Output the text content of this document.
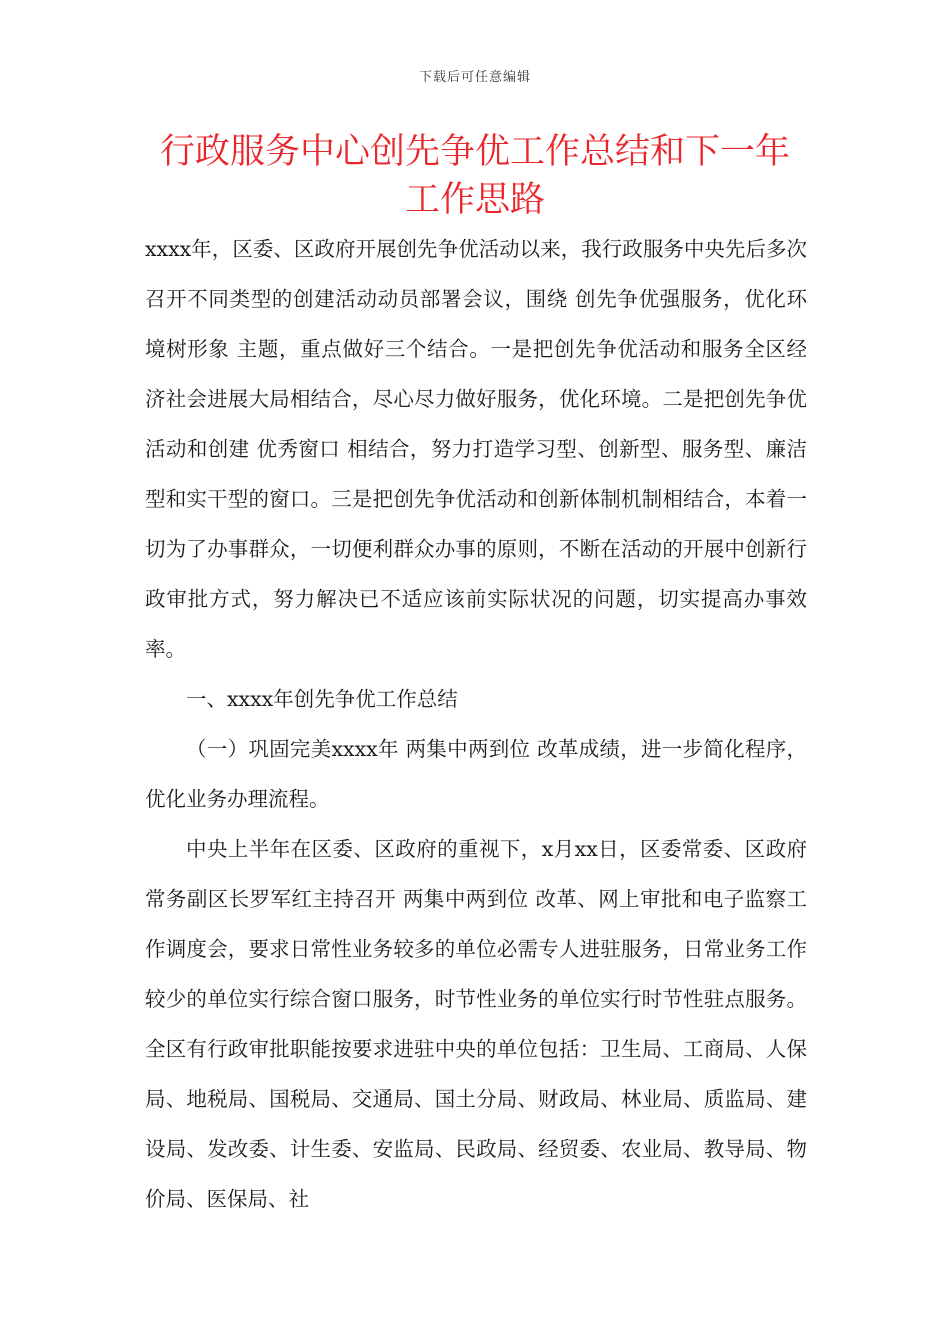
下载后可任意编辑
行政服务中心创先争优工作总结和下一年工作思路

xxxx年，区委、区政府开展创先争优活动以来，我行政服务中央先后多次召开不同类型的创建活动动员部署会议，围绕 创先争优强服务，优化环境树形象 主题，重点做好三个结合。一是把创先争优活动和服务全区经济社会进展大局相结合，尽心尽力做好服务，优化环境。二是把创先争优活动和创建 优秀窗口 相结合，努力打造学习型、创新型、服务型、廉洁型和实干型的窗口。三是把创先争优活动和创新体制机制相结合，本着一切为了办事群众，一切便利群众办事的原则，不断在活动的开展中创新行政审批方式，努力解决已不适应该前实际状况的问题，切实提高办事效率。

一、xxxx年创先争优工作总结

（一）巩固完美xxxx年 两集中两到位 改革成绩，进一步简化程序，优化业务办理流程。

中央上半年在区委、区政府的重视下，x月xx日，区委常委、区政府常务副区长罗军红主持召开 两集中两到位 改革、网上审批和电子监察工作调度会，要求日常性业务较多的单位必需专人进驻服务，日常业务工作较少的单位实行综合窗口服务，时节性业务的单位实行时节性驻点服务。全区有行政审批职能按要求进驻中央的单位包括：卫生局、工商局、人保局、地税局、国税局、交通局、国土分局、财政局、林业局、质监局、建设局、发改委、计生委、安监局、民政局、经贸委、农业局、教导局、物价局、医保局、社
